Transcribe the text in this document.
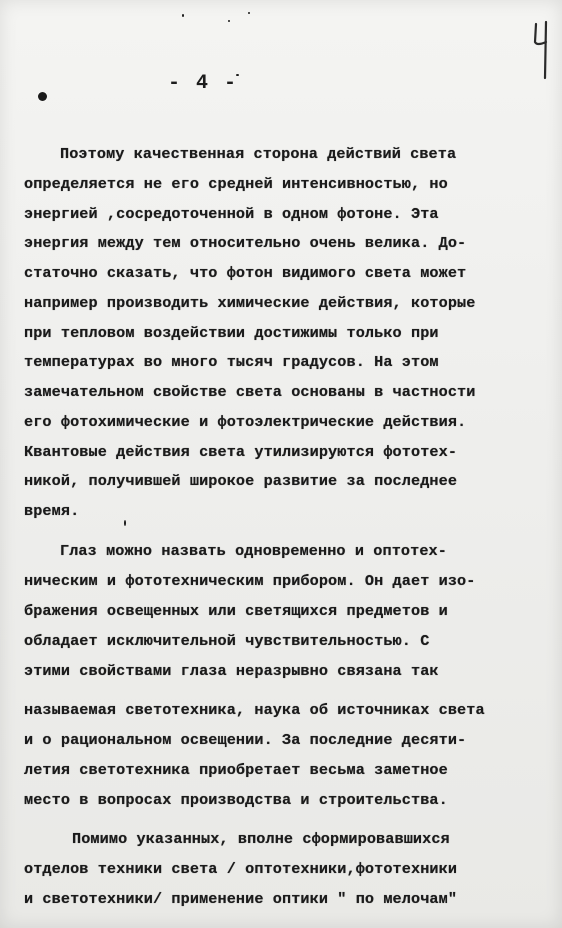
- 4 -
Поэтому качественная сторона действий света
определяется не его средней интенсивностью, но
энергией ,сосредоточенной в одном фотоне. Эта
энергия между тем относительно очень велика. До-
статочно сказать, что фотон видимого света может
например производить химические действия, которые
при тепловом воздействии достижимы только при
температурах во много тысяч градусов. На этом
замечательном свойстве света основаны в частности
его фотохимические и фотоэлектрические действия.
Квантовые действия света утилизируются фототех-
никой, получившей широкое развитие за последнее
время.
Глаз можно назвать одновременно и оптотех-
ническим и фототехническим прибором. Он дает изо-
бражения освещенных или светящихся предметов и
обладает исключительной чувствительностью. С
этими свойствами глаза неразрывно связана так
называемая светотехника, наука об источниках света
и о рациональном освещении. За последние десяти-
летия светотехника приобретает весьма заметное
место в вопросах производства и строительства.
Помимо указанных, вполне сформировавшихся
отделов техники света / оптотехники,фототехники
и светотехники/ применение оптики " по мелочам"
